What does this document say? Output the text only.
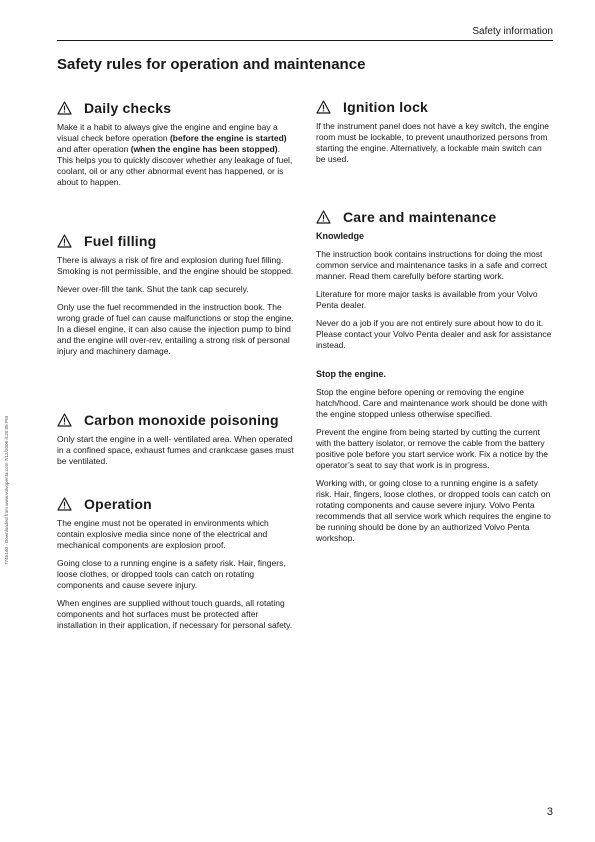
Safety information
Safety rules for operation and maintenance
7745140 - Downloaded from www.volvopenta.com 7/12/2006 4:20:05 PM
Daily checks

Make it a habit to always give the engine and engine bay a visual check before operation (before the engine is started) and after operation (when the engine has been stopped). This helps you to quickly discover whether any leakage of fuel, coolant, oil or any other abnormal event has happened, or is about to happen.

Fuel filling

There is always a risk of fire and explosion during fuel filling. Smoking is not permissible, and the engine should be stopped.

Never over-fill the tank. Shut the tank cap securely.

Only use the fuel recommended in the instruction book. The wrong grade of fuel can cause malfunctions or stop the engine. In a diesel engine, it can also cause the injection pump to bind and the engine will over-rev, entailing a strong risk of personal injury and machinery damage.

Carbon monoxide poisoning

Only start the engine in a well- ventilated area. When operated in a confined space, exhaust fumes and crankcase gases must be ventilated.

Operation

The engine must not be operated in environments which contain explosive media since none of the electrical and mechanical components are explosion proof.

Going close to a running engine is a safety risk. Hair, fingers, loose clothes, or dropped tools can catch on rotating components and cause severe injury.

When engines are supplied without touch guards, all rotating components and hot surfaces must be protected after installation in their application, if necessary for personal safety.

Ignition lock

If the instrument panel does not have a key switch, the engine room must be lockable, to prevent unauthorized persons from starting the engine. Alternatively, a lockable main switch can be used.

Care and maintenance
Knowledge

The instruction book contains instructions for doing the most common service and maintenance tasks in a safe and correct manner. Read them carefully before starting work.

Literature for more major tasks is available from your Volvo Penta dealer.

Never do a job if you are not entirely sure about how to do it. Please contact your Volvo Penta dealer and ask for assistance instead.

Stop the engine.

Stop the engine before opening or removing the engine hatch/hood. Care and maintenance work should be done with the engine stopped unless otherwise specified.

Prevent the engine from being started by cutting the current with the battery isolator, or remove the cable from the battery positive pole before you start service work. Fix a notice by the operator’s seat to say that work is in progress.

Working with, or going close to a running engine is a safety risk. Hair, fingers, loose clothes, or dropped tools can catch on rotating components and cause severe injury. Volvo Penta recommends that all service work which requires the engine to be running should be done by an authorized Volvo Penta workshop.

3
